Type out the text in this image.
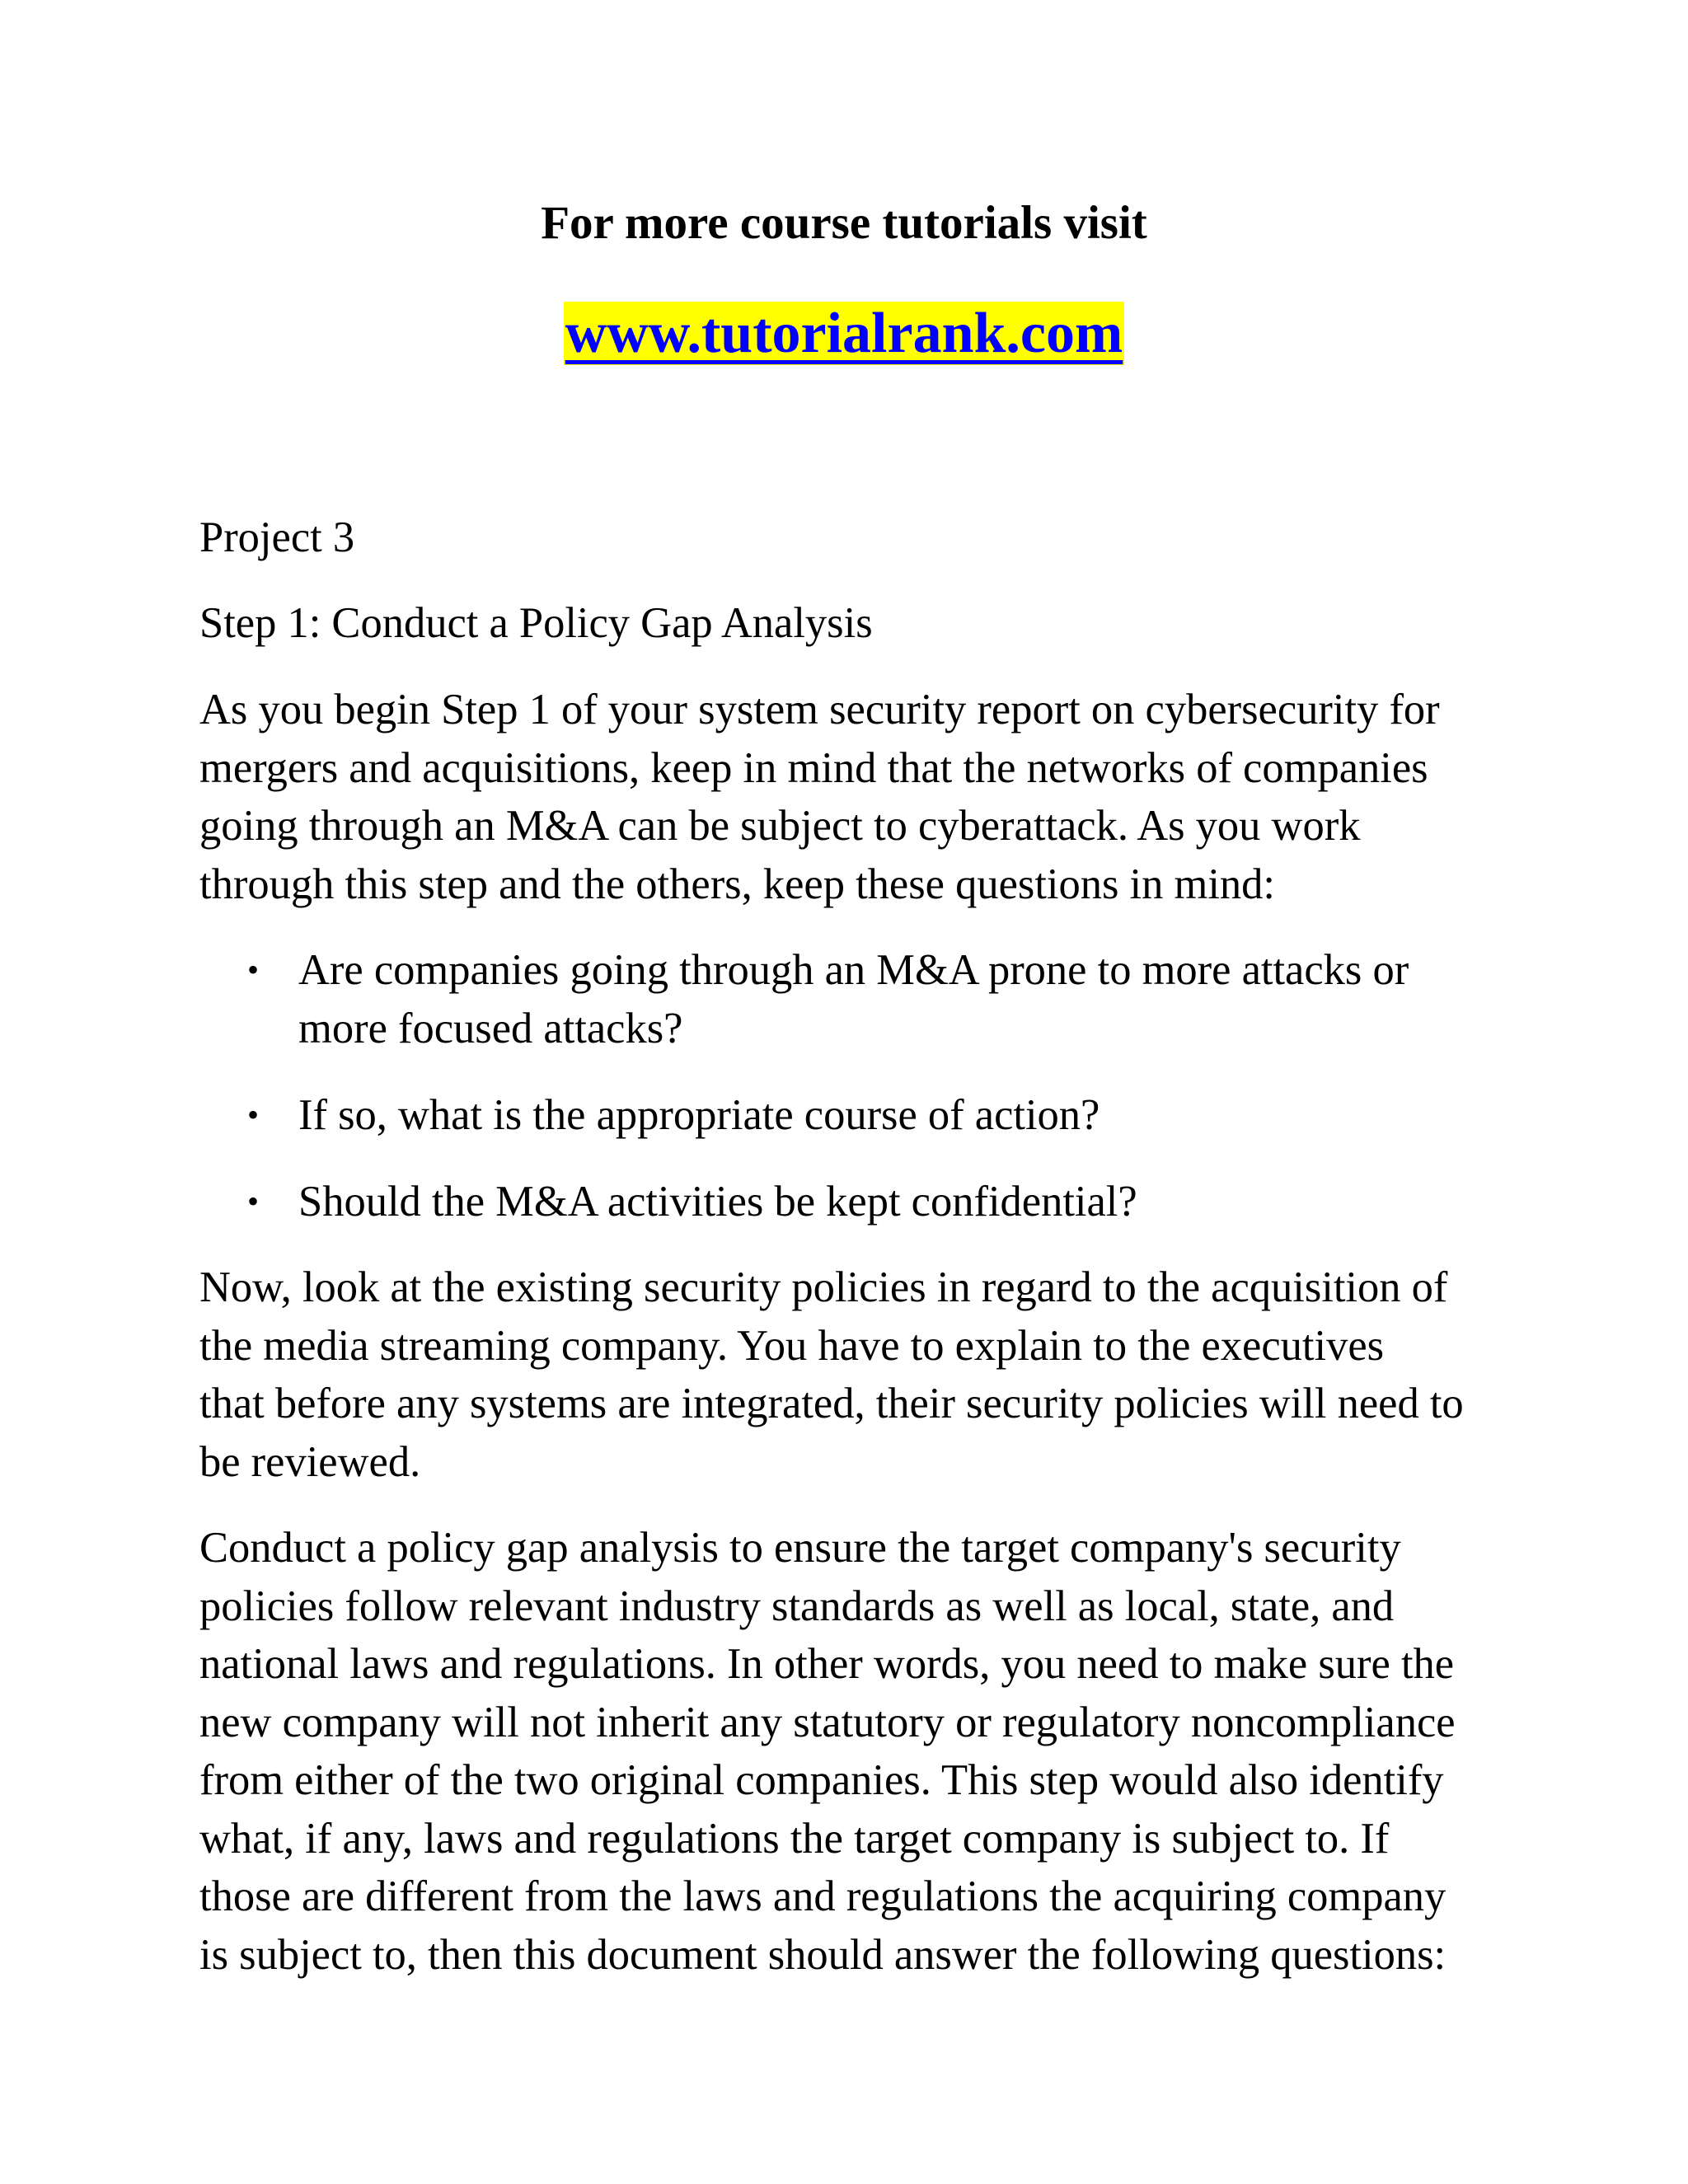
For more course tutorials visit
www.tutorialrank.com

Project 3

Step 1: Conduct a Policy Gap Analysis

As you begin Step 1 of your system security report on cybersecurity for
mergers and acquisitions, keep in mind that the networks of companies
going through an M&A can be subject to cyberattack. As you work
through this step and the others, keep these questions in mind:
• Are companies going through an M&A prone to more attacks or
more focused attacks?
• If so, what is the appropriate course of action?
• Should the M&A activities be kept confidential?
Now, look at the existing security policies in regard to the acquisition of
the media streaming company. You have to explain to the executives
that before any systems are integrated, their security policies will need to
be reviewed.
Conduct a policy gap analysis to ensure the target company's security
policies follow relevant industry standards as well as local, state, and
national laws and regulations. In other words, you need to make sure the
new company will not inherit any statutory or regulatory noncompliance
from either of the two original companies. This step would also identify
what, if any, laws and regulations the target company is subject to. If
those are different from the laws and regulations the acquiring company
is subject to, then this document should answer the following questions:
